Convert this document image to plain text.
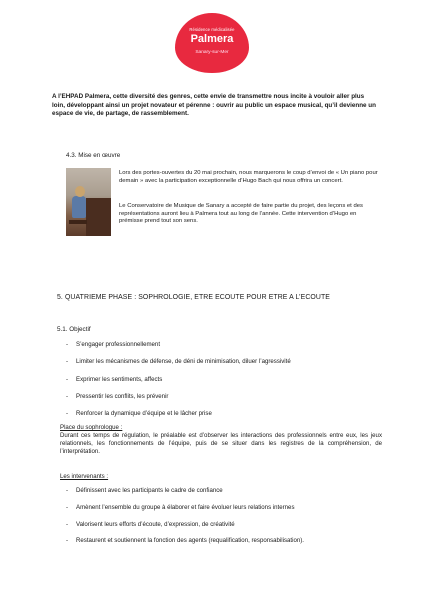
Résidence médicalisée
Palmera
Sanary-sur-Mer
A l’EHPAD Palmera, cette diversité des genres, cette envie de transmettre nous incite à vouloir aller plus loin, développant ainsi un projet novateur et pérenne : ouvrir au public un espace musical, qu’il devienne un espace de vie, de partage, de rassemblement.
4.3. Mise en œuvre
Lors des portes-ouvertes du 20 mai prochain, nous marquerons le coup d’envoi de « Un piano pour demain » avec la participation exceptionnelle d’Hugo Bach qui nous offrira un concert.
Le Conservatoire de Musique de Sanary a accepté de faire partie du projet, des leçons et des représentations auront lieu à Palmera tout au long de l’année. Cette intervention d’Hugo en prémisse prend tout son sens.
5. QUATRIEME PHASE : SOPHROLOGIE, ETRE ECOUTE POUR ETRE A L’ECOUTE
5.1. Objectif
- S’engager professionnellement
- Limiter les mécanismes de défense, de déni de minimisation, diluer l’agressivité
- Exprimer les sentiments, affects
- Pressentir les conflits, les prévenir
- Renforcer la dynamique d’équipe et le lâcher prise
Place du sophrologue :
Durant ces temps de régulation, le préalable est d’observer les interactions des professionnels entre eux, les jeux relationnels, les fonctionnements de l’équipe, puis de se situer dans les registres de la compréhension, de l’interprétation.
Les intervenants :
- Définissent avec les participants le cadre de confiance
- Amènent l’ensemble du groupe à élaborer et faire évoluer leurs relations internes
- Valorisent leurs efforts d’écoute, d’expression, de créativité
- Restaurent et soutiennent la fonction des agents (requalification, responsabilisation).
